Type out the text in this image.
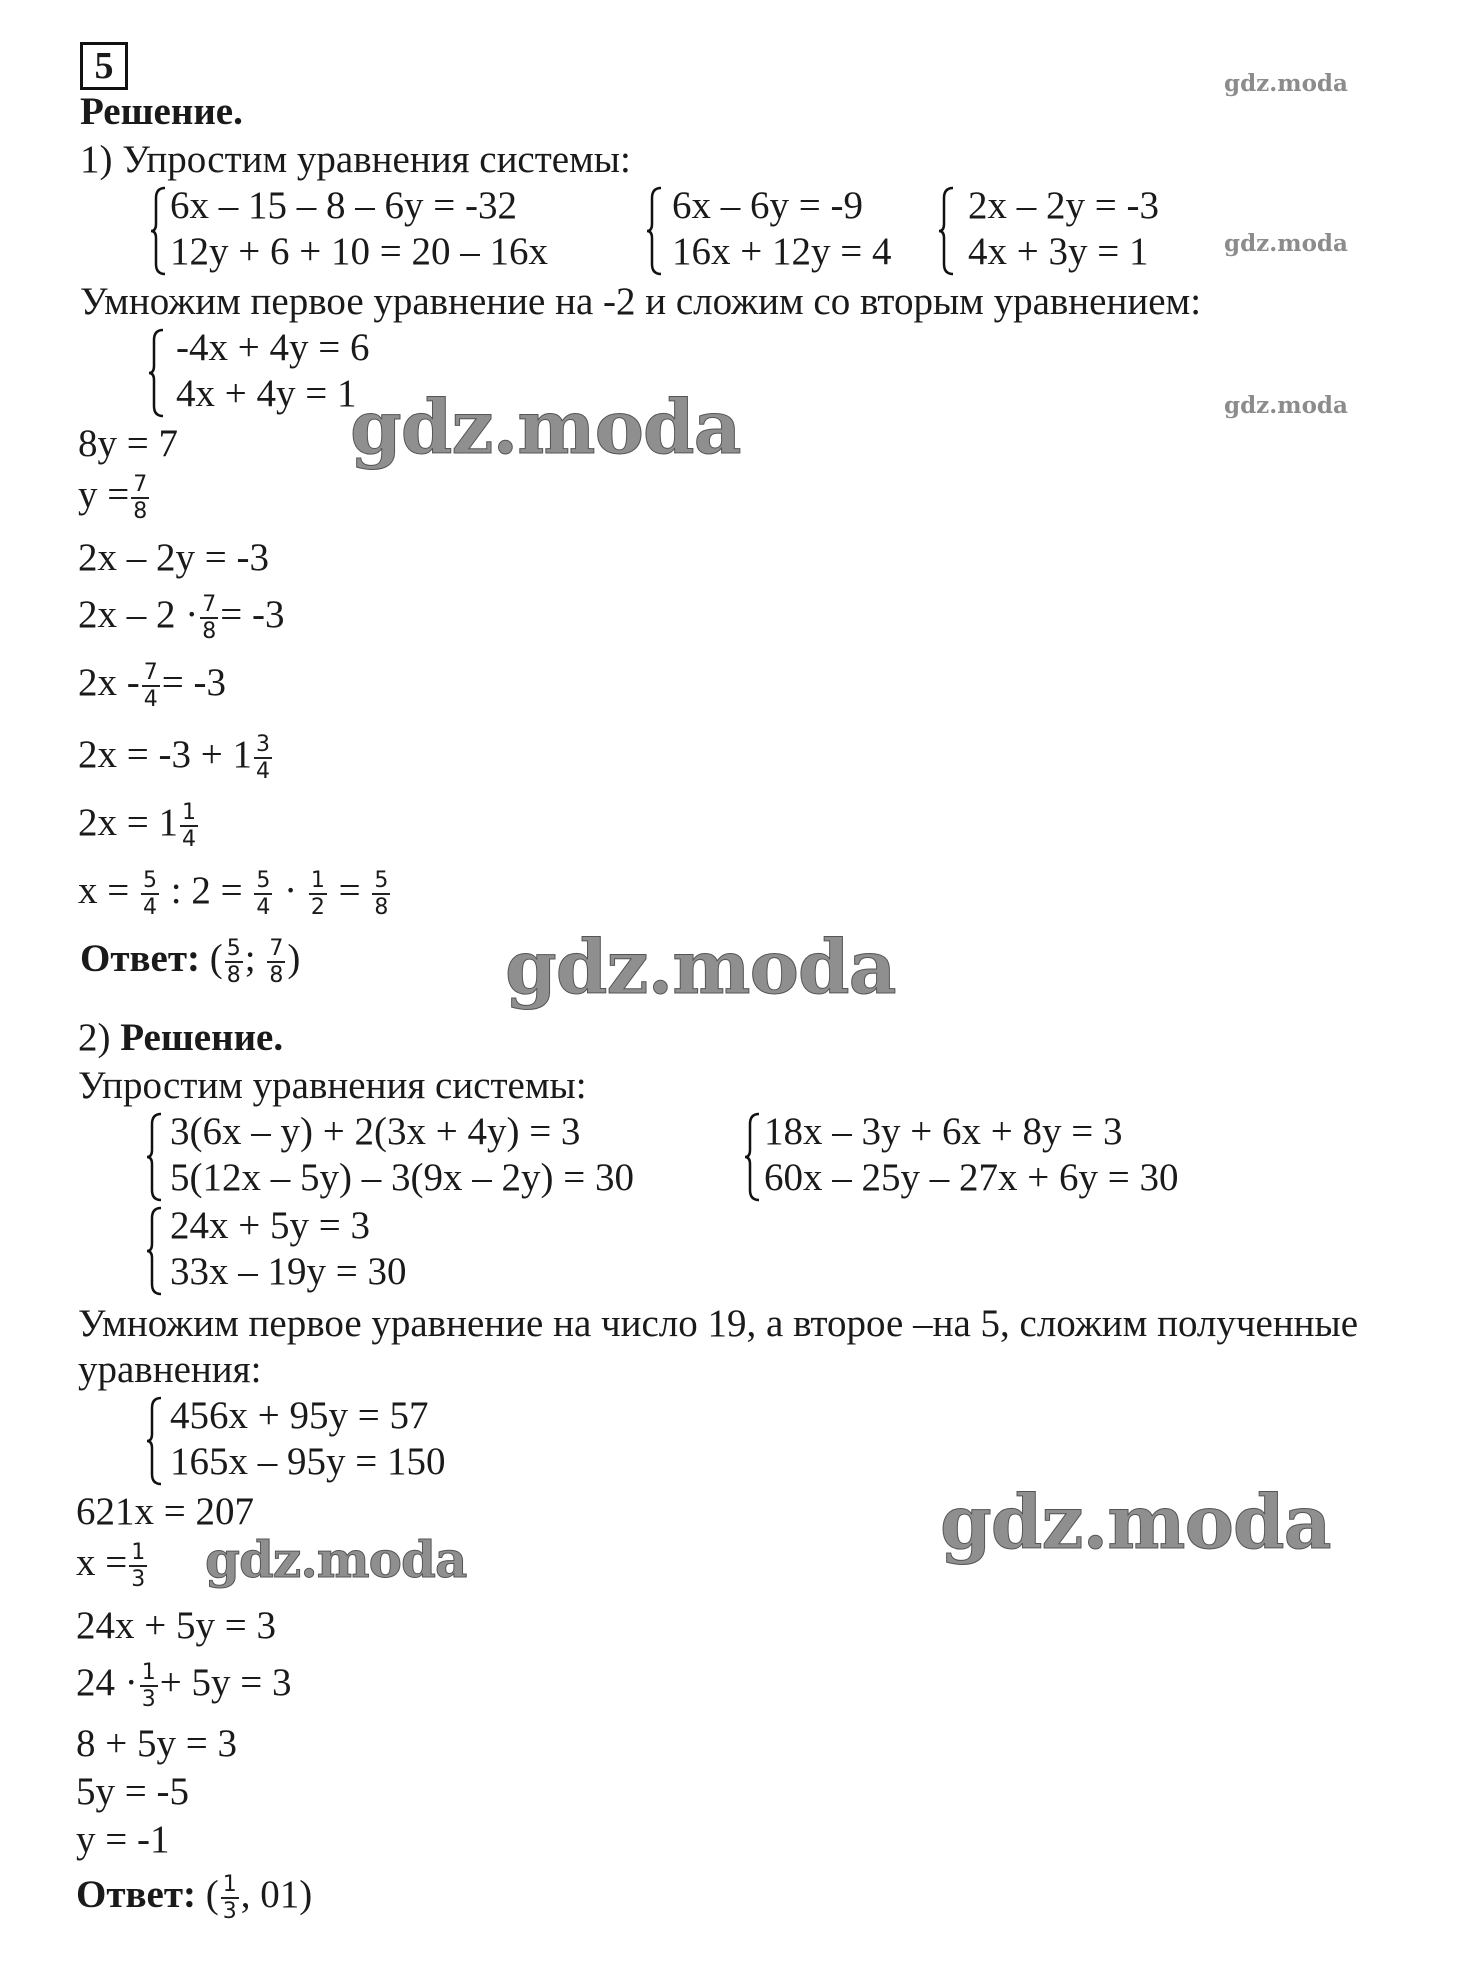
5	gdz.moda
gdz.moda
gdz.moda
gdz.moda
gdz.moda
gdz.moda
gdz.moda
Решение.
1) Упростим уравнения системы:
6x – 15 – 8 – 6y = -32
12y + 6 + 10 = 20 – 16x
6x – 6y = -9
16x + 12y = 4
2x – 2y = -3
4x + 3y = 1
Умножим первое уравнение на -2 и сложим со вторым уравнением:
-4x + 4y = 6
4x + 4y = 1
8y = 7
$y = \frac{7}{8}$
2x – 2y = -3
$2x - 2 \cdot \frac{7}{8} = -3$
$2x - \frac{7}{4} = -3$
$2x = -3 + 1 \frac{3}{4}$
$2x = 1 \frac{1}{4}$
$x = \frac{5}{4}$ : $2 = \frac{5}{4} \cdot \frac{1}{2} = \frac{5}{8}$
Ответ: ( $\frac{5}{8}$ ; $\frac{7}{8}$ )
2) Решение.
Упростим уравнения системы:
3(6x – y) + 2(3x + 4y) = 3
5(12x – 5y) – 3(9x – 2y) = 30
18x – 3y + 6x + 8y = 3
60x – 25y – 27x + 6y = 30
24x + 5y = 3
33x – 19y = 30
Умножим первое уравнение на число 19, а второе –на 5, сложим полученные
уравнения:
456x + 95y = 57
165x – 95y = 150
621x = 207
$x = \frac{1}{3}$
24x + 5y = 3
$24 \cdot \frac{1}{3} + 5y = 3$
8 + 5y = 3
5y = -5
y = -1
Ответ: ( $\frac{1}{3}$ , 01)
